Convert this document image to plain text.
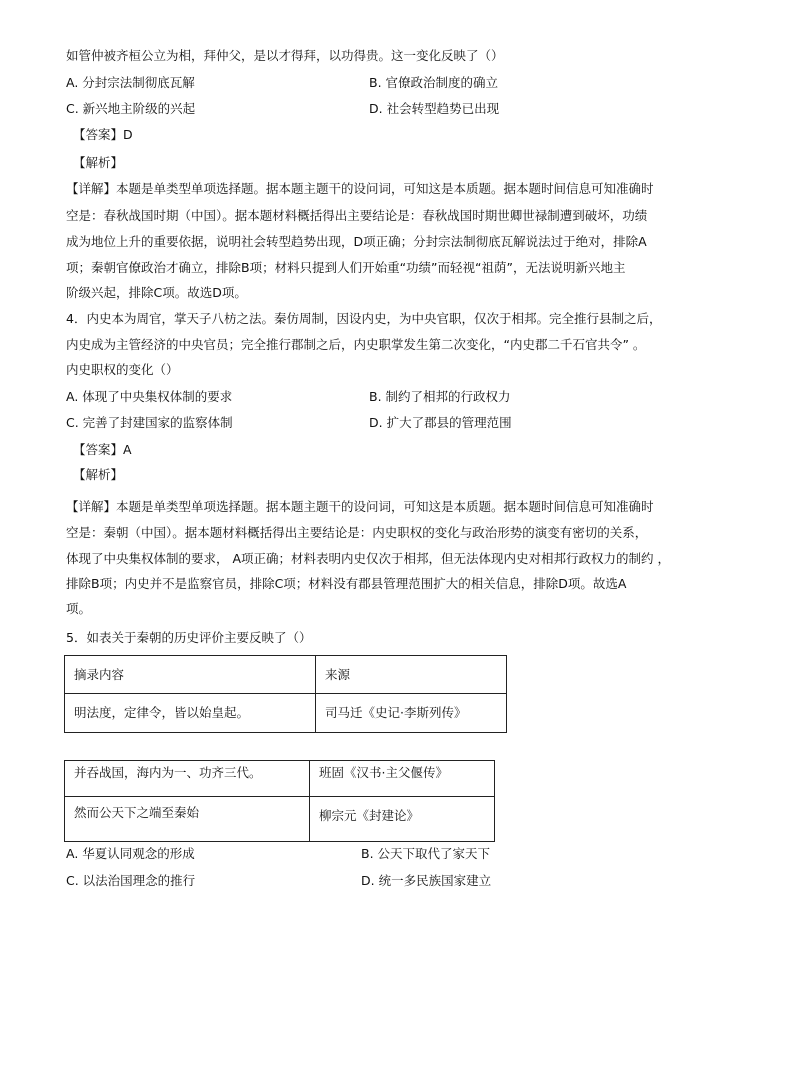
如管仲被齐桓公立为相，拜仲父，是以才得拜，以功得贵。这一变化反映了（）
A. 分封宗法制彻底瓦解	B. 官僚政治制度的确立
C. 新兴地主阶级的兴起	D. 社会转型趋势已出现
【答案】D
【解析】
【详解】本题是单类型单项选择题。据本题主题干的设问词，可知这是本质题。据本题时间信息可知准确时
空是：春秋战国时期（中国）。据本题材料概括得出主要结论是：春秋战国时期世卿世禄制遭到破坏，功绩
成为地位上升的重要依据，说明社会转型趋势出现，D项正确；分封宗法制彻底瓦解说法过于绝对，排除A
项；秦朝官僚政治才确立，排除B项；材料只提到人们开始重“功绩”而轻视“祖荫”，无法说明新兴地主
阶级兴起，排除C项。故选D项。
4．内史本为周官，掌天子八枋之法。秦仿周制，因设内史，为中央官职，仅次于相邦。完全推行县制之后，
内史成为主管经济的中央官员；完全推行郡制之后，内史职掌发生第二次变化，“内史郡二千石官共令” 。
内史职权的变化（）
A. 体现了中央集权体制的要求	B. 制约了相邦的行政权力
C. 完善了封建国家的监察体制	D. 扩大了郡县的管理范围
【答案】A
【解析】
【详解】本题是单类型单项选择题。据本题主题干的设问词，可知这是本质题。据本题时间信息可知准确时
空是：秦朝（中国）。据本题材料概括得出主要结论是：内史职权的变化与政治形势的演变有密切的关系，
体现了中央集权体制的要求， A项正确；材料表明内史仅次于相邦，但无法体现内史对相邦行政权力的制约 ，
排除B项；内史并不是监察官员，排除C项；材料没有郡县管理范围扩大的相关信息，排除D项。故选A
项。
5．如表关于秦朝的历史评价主要反映了（）
摘录内容	来源
明法度，定律令，皆以始皇起。	司马迁《史记·李斯列传》
并吞战国，海内为一、功齐三代。	班固《汉书·主父偃传》
然而公天下之端至秦始	柳宗元《封建论》
A. 华夏认同观念的形成	B. 公天下取代了家天下
C. 以法治国理念的推行	D. 统一多民族国家建立
